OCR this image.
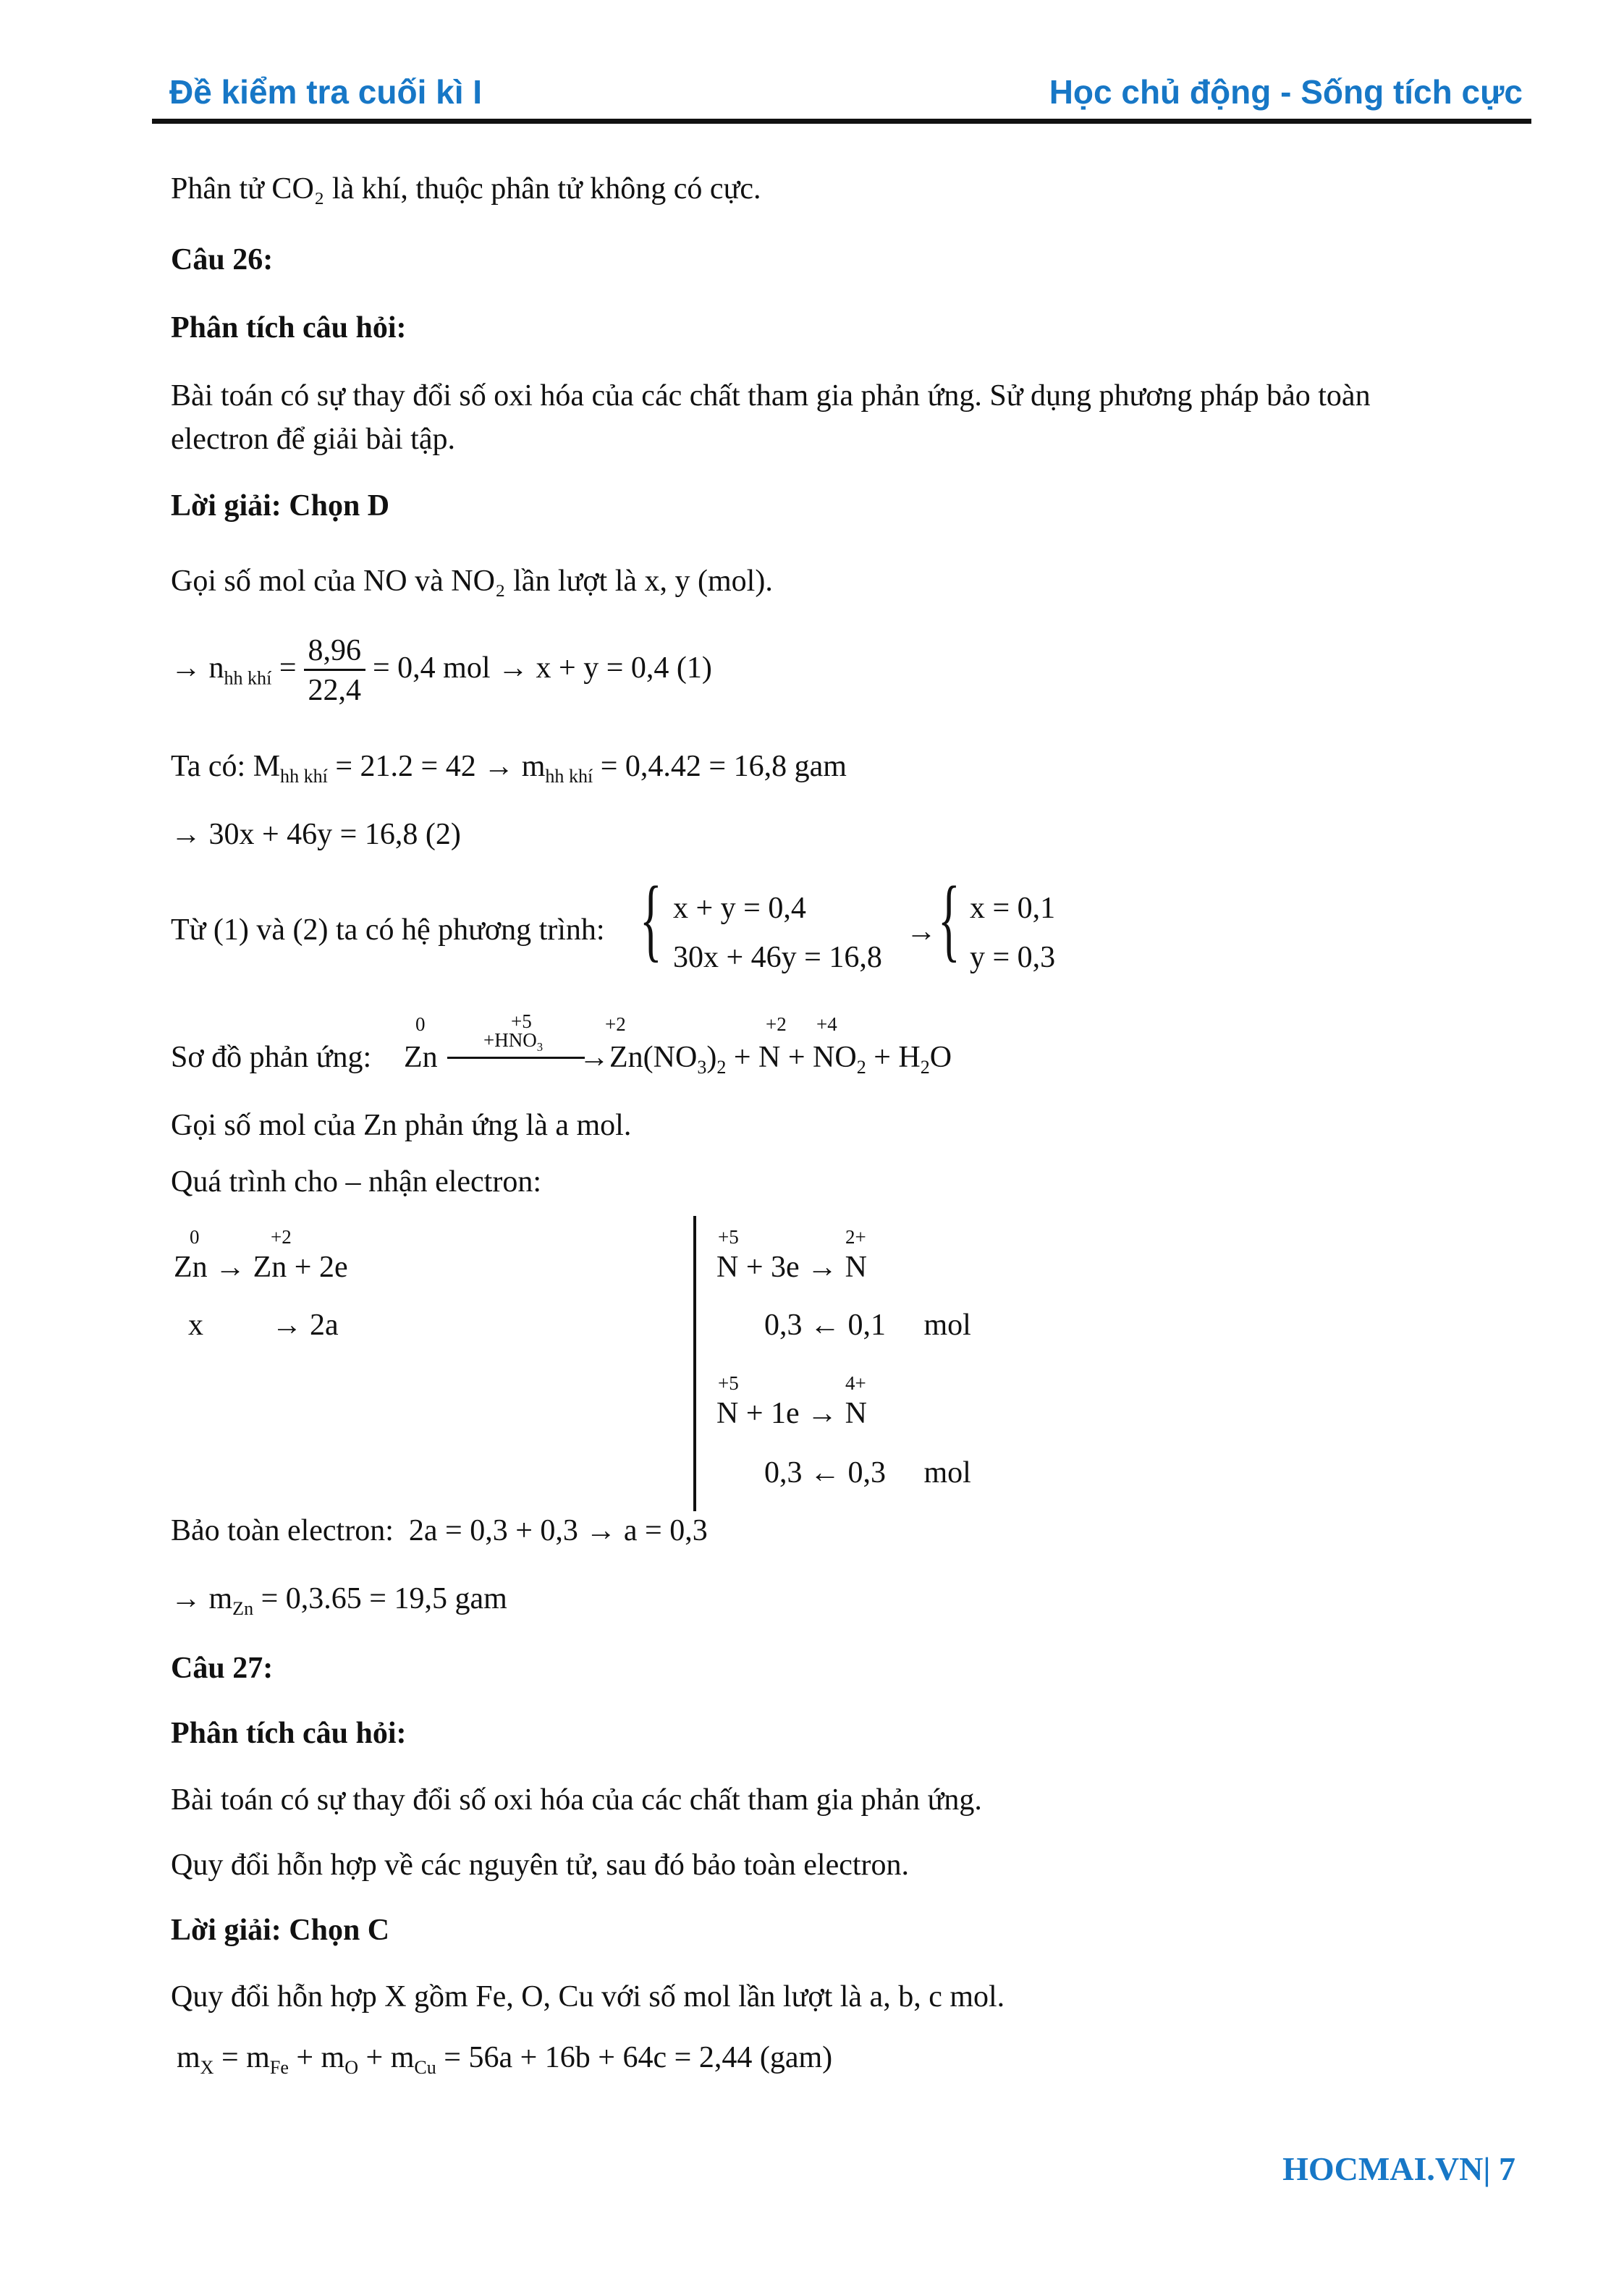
Đề kiểm tra cuối kì I	Học chủ động - Sống tích cực
Phân tử CO₂ là khí, thuộc phân tử không có cực.
Câu 26:
Phân tích câu hỏi:
Bài toán có sự thay đổi số oxi hóa của các chất tham gia phản ứng. Sử dụng phương pháp bảo toàn
electron để giải bài tập.
Lời giải: Chọn D
Gọi số mol của NO và NO₂ lần lượt là x, y (mol).
→ $n_{hh khí} = \frac{8,96}{22,4} = 0,4$ mol → x + y = 0,4 (1)
Ta có: $M_{hh khí} = 21.2 = 42 \to m_{hh khí} = 0,4.42 = 16,8$ gam
→ 30x + 46y = 16,8 (2)
Từ (1) và (2) ta có hệ phương trình: { x + y = 0,4
30x + 46y = 16,8
→ { x = 0,1
y = 0,3
Sơ đồ phản ứng:
0
Zn
+5
$+HNO_3$
+2
$\to Zn(NO_3)_2 + N + NO_2 + H_2O$
+2 +4
Gọi số mol của Zn phản ứng là a mol.
Quá trình cho – nhận electron:
0	+2
Zn → Zn + 2e
x         → 2a
+5	2+
N + 3e → N
0,3 ← 0,1     mol
+5	4+
N + 1e → N
0,3 ← 0,3     mol
Bảo toàn electron: 2a = 0,3 + 0,3 → a = 0,3
→ $m_{Zn} = 0,3.65 = 19,5$ gam
Câu 27:
Phân tích câu hỏi:
Bài toán có sự thay đổi số oxi hóa của các chất tham gia phản ứng.
Quy đổi hỗn hợp về các nguyên tử, sau đó bảo toàn electron.
Lời giải: Chọn C
Quy đổi hỗn hợp X gồm Fe, O, Cu với số mol lần lượt là a, b, c mol.
$m_X = m_{Fe} + m_O + m_{Cu} = 56a + 16b + 64c = 2,44$ (gam)
HOCMAI.VN| 7
